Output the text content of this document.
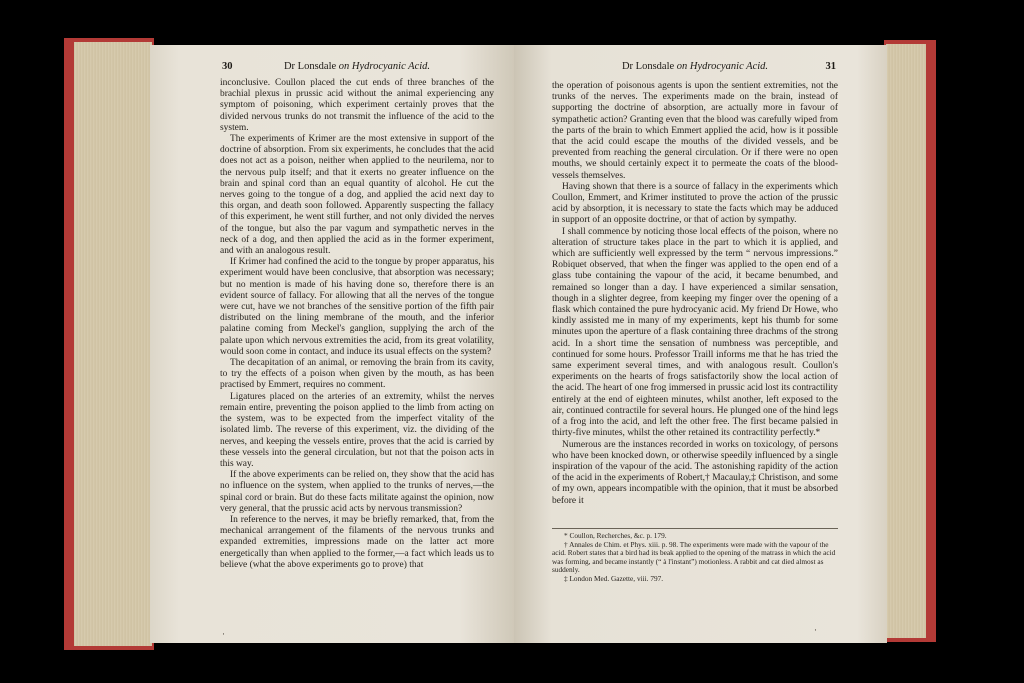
30	Dr Lonsdale on Hydrocyanic Acid.

inconclusive. Coullon placed the cut ends of three branches of the brachial plexus in prussic acid without the animal experiencing any symptom of poisoning, which experiment certainly proves that the divided nervous trunks do not transmit the influence of the acid to the system.

The experiments of Krimer are the most extensive in support of the doctrine of absorption. From six experiments, he concludes that the acid does not act as a poison, neither when applied to the neurilema, nor to the nervous pulp itself; and that it exerts no greater influence on the brain and spinal cord than an equal quantity of alcohol. He cut the nerves going to the tongue of a dog, and applied the acid next day to this organ, and death soon followed. Apparently suspecting the fallacy of this experiment, he went still further, and not only divided the nerves of the tongue, but also the par vagum and sympathetic nerves in the neck of a dog, and then applied the acid as in the former experiment, and with an analogous result.

If Krimer had confined the acid to the tongue by proper apparatus, his experiment would have been conclusive, that absorption was necessary; but no mention is made of his having done so, therefore there is an evident source of fallacy. For allowing that all the nerves of the tongue were cut, have we not branches of the sensitive portion of the fifth pair distributed on the lining membrane of the mouth, and the inferior palatine coming from Meckel's ganglion, supplying the arch of the palate upon which nervous extremities the acid, from its great volatility, would soon come in contact, and induce its usual effects on the system?

The decapitation of an animal, or removing the brain from its cavity, to try the effects of a poison when given by the mouth, as has been practised by Emmert, requires no comment.

Ligatures placed on the arteries of an extremity, whilst the nerves remain entire, preventing the poison applied to the limb from acting on the system, was to be expected from the imperfect vitality of the isolated limb. The reverse of this experiment, viz. the dividing of the nerves, and keeping the vessels entire, proves that the acid is carried by these vessels into the general circulation, but not that the poison acts in this way.

If the above experiments can be relied on, they show that the acid has no influence on the system, when applied to the trunks of nerves,—the spinal cord or brain. But do these facts militate against the opinion, now very general, that the prussic acid acts by nervous transmission?

In reference to the nerves, it may be briefly remarked, that, from the mechanical arrangement of the filaments of the nervous trunks and expanded extremities, impressions made on the latter act more energetically than when applied to the former,—a fact which leads us to believe (what the above experiments go to prove) that

·
Dr Lonsdale on Hydrocyanic Acid.	31

the operation of poisonous agents is upon the sentient extremities, not the trunks of the nerves. The experiments made on the brain, instead of supporting the doctrine of absorption, are actually more in favour of sympathetic action? Granting even that the blood was carefully wiped from the parts of the brain to which Emmert applied the acid, how is it possible that the acid could escape the mouths of the divided vessels, and be prevented from reaching the general circulation. Or if there were no open mouths, we should certainly expect it to permeate the coats of the blood-vessels themselves.

Having shown that there is a source of fallacy in the experiments which Coullon, Emmert, and Krimer instituted to prove the action of the prussic acid by absorption, it is necessary to state the facts which may be adduced in support of an opposite doctrine, or that of action by sympathy.

I shall commence by noticing those local effects of the poison, where no alteration of structure takes place in the part to which it is applied, and which are sufficiently well expressed by the term “ nervous impressions.” Robiquet observed, that when the finger was applied to the open end of a glass tube containing the vapour of the acid, it became benumbed, and remained so longer than a day. I have experienced a similar sensation, though in a slighter degree, from keeping my finger over the opening of a flask which contained the pure hydrocyanic acid. My friend Dr Howe, who kindly assisted me in many of my experiments, kept his thumb for some minutes upon the aperture of a flask containing three drachms of the strong acid. In a short time the sensation of numbness was perceptible, and continued for some hours. Professor Traill informs me that he has tried the same experiment several times, and with analogous result. Coullon's experiments on the hearts of frogs satisfactorily show the local action of the acid. The heart of one frog immersed in prussic acid lost its contractility entirely at the end of eighteen minutes, whilst another, left exposed to the air, continued contractile for several hours. He plunged one of the hind legs of a frog into the acid, and left the other free. The first became palsied in thirty-five minutes, whilst the other retained its contractility perfectly.*

Numerous are the instances recorded in works on toxicology, of persons who have been knocked down, or otherwise speedily influenced by a single inspiration of the vapour of the acid. The astonishing rapidity of the action of the acid in the experiments of Robert,† Macaulay,‡ Christison, and some of my own, appears incompatible with the opinion, that it must be absorbed before it

* Coullon, Recherches, &c. p. 179.

† Annales de Chim. et Phys. xiii. p. 98. The experiments were made with the vapour of the acid. Robert states that a bird had its beak applied to the opening of the matrass in which the acid was forming, and became instantly (“ à l'instant”) motionless. A rabbit and cat died almost as suddenly.

‡ London Med. Gazette, viii. 797.

·
